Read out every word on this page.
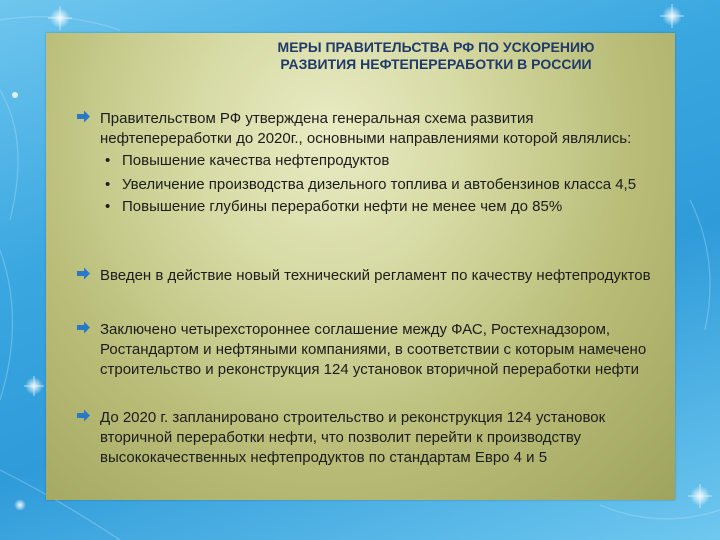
МЕРЫ ПРАВИТЕЛЬСТВА РФ ПО УСКОРЕНИЮ
РАЗВИТИЯ НЕФТЕПЕРЕРАБОТКИ В РОССИИ
Правительством РФ утверждена генеральная схема развития нефтепереработки до 2020г., основными направлениями которой являлись:
• Повышение качества нефтепродуктов
• Увеличение производства дизельного топлива и автобензинов класса 4,5
• Повышение глубины переработки нефти не менее чем до 85%
Введен в действие новый технический регламент по качеству нефтепродуктов
Заключено четырехстороннее соглашение между ФАС, Ростехнадзором, Ростандартом и нефтяными компаниями, в соответствии с которым намечено строительство и реконструкция 124 установок вторичной переработки нефти
До 2020 г. запланировано строительство и реконструкция 124 установок вторичной переработки нефти, что позволит перейти к производству высококачественных нефтепродуктов по стандартам Евро 4 и 5
